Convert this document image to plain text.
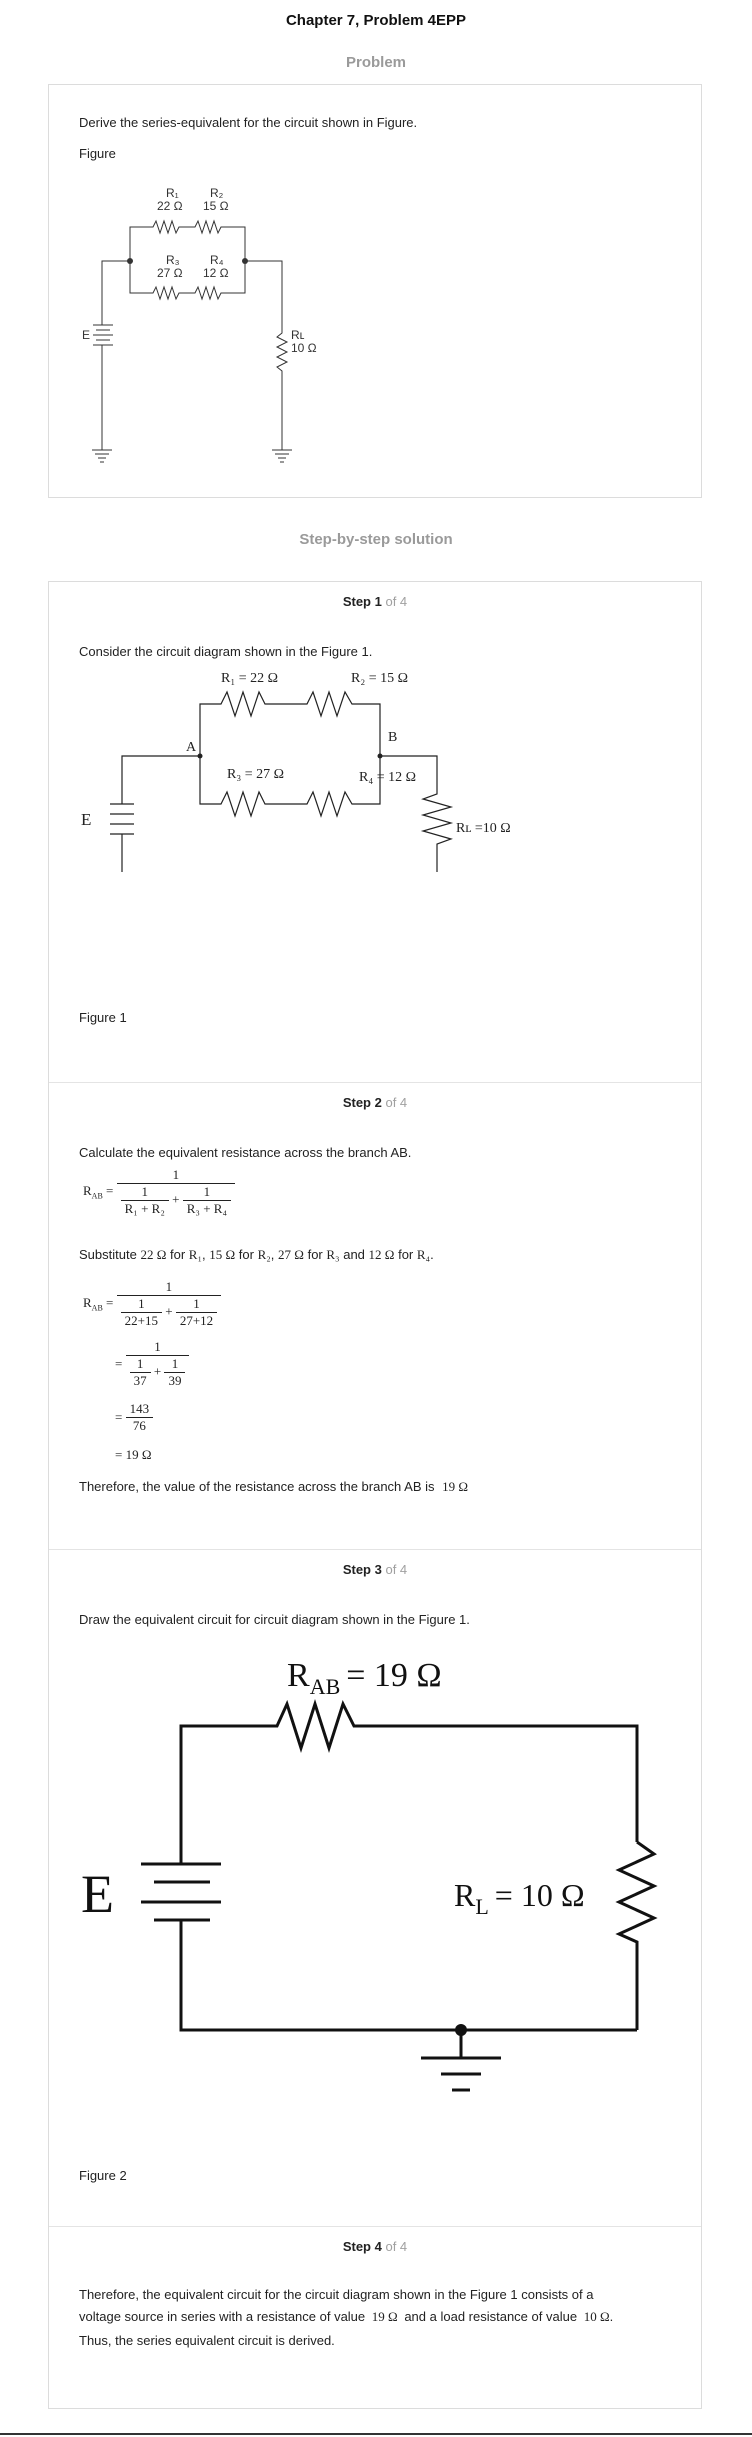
Chapter 7, Problem 4EPP
Problem
Derive the series-equivalent for the circuit shown in Figure.
Figure
R₁
22 Ω
R₂
15 Ω
R₃
27 Ω
R₄
12 Ω
Rʟ
10 Ω
E
Step-by-step solution
Step 1 of 4
Consider the circuit diagram shown in the Figure 1.
R₁ = 22 Ω	R₂ = 15 Ω
R₃ = 27 Ω	R₄ = 12 Ω
Rʟ =10 Ω
A
B
E
Figure 1
Step 2 of 4
Calculate the equivalent resistance across the branch AB.
$R_{AB} = \frac{1}{\frac{1}{\text{R₁ + R₂}} + \frac{1}{\text{R₃ + R₄}}}$
Substitute 22 Ω for R₁, 15 Ω for R₂, 27 Ω for R₃ and 12 Ω for R₄.
$R_{AB} = \frac{1}{\frac{1}{22+15} + \frac{1}{27+12}}$
= $\frac{1}{\frac{1}{37} + \frac{1}{39}}$
= $\frac{143}{76}$
= 19 Ω
Therefore, the value of the resistance across the branch AB is 19 Ω
Step 3 of 4
Draw the equivalent circuit for circuit diagram shown in the Figure 1.
$R_{AB} = 19$ Ω
$R_L = 10$ Ω
E
Figure 2
Step 4 of 4
Therefore, the equivalent circuit for the circuit diagram shown in the Figure 1 consists of a
voltage source in series with a resistance of value 19 Ω and a load resistance of value 10 Ω.
Thus, the series equivalent circuit is derived.
